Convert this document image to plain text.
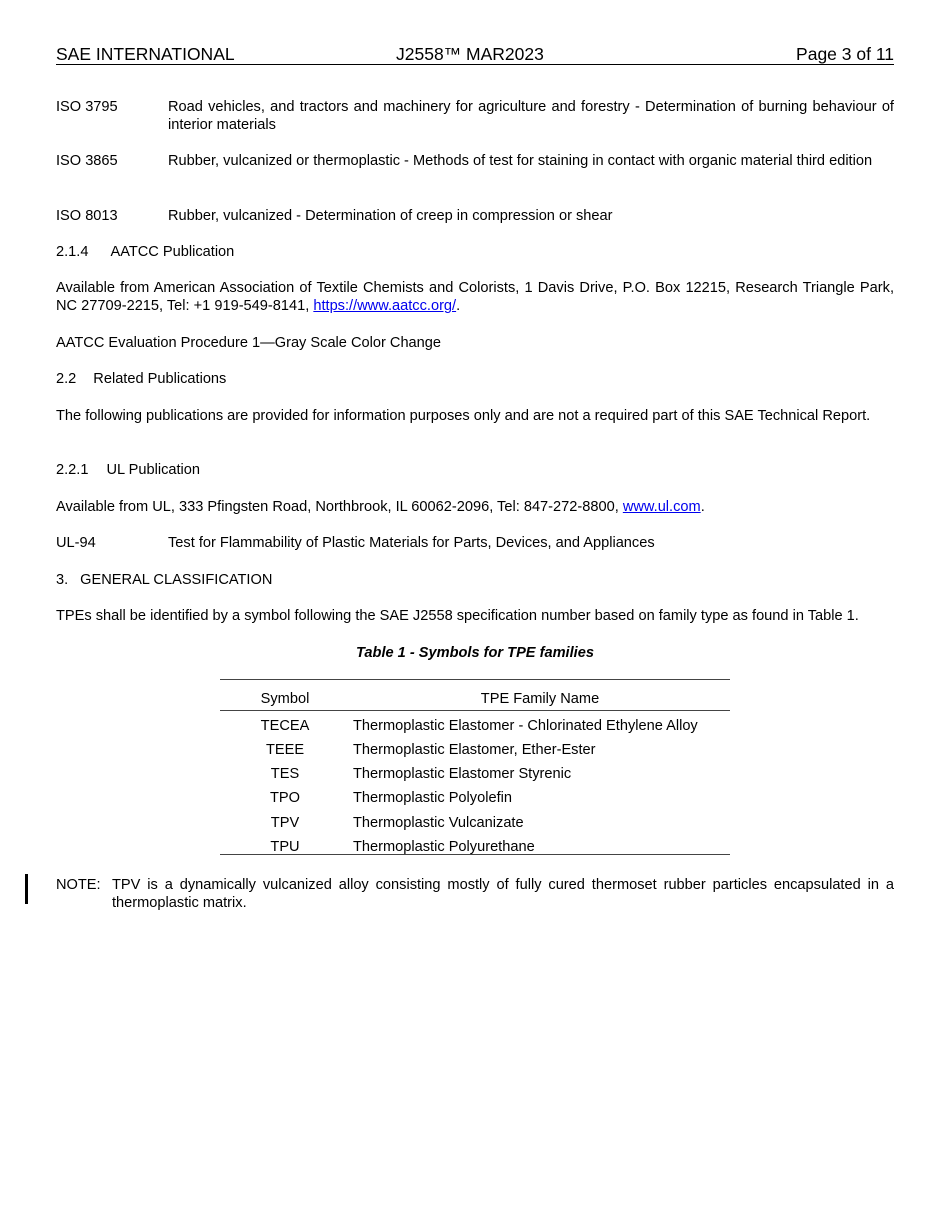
SAE INTERNATIONAL	J2558™ MAR2023	Page 3 of 11
ISO 3795	Road vehicles, and tractors and machinery for agriculture and forestry - Determination of burning behaviour of interior materials
ISO 3865	Rubber, vulcanized or thermoplastic - Methods of test for staining in contact with organic material third edition
ISO 8013	Rubber, vulcanized - Determination of creep in compression or shear
2.1.4 AATCC Publication
Available from American Association of Textile Chemists and Colorists, 1 Davis Drive, P.O. Box 12215, Research Triangle Park, NC 27709-2215, Tel: +1 919-549-8141, https://www.aatcc.org/.
AATCC Evaluation Procedure 1—Gray Scale Color Change
2.2 Related Publications
The following publications are provided for information purposes only and are not a required part of this SAE Technical Report.
2.2.1 UL Publication
Available from UL, 333 Pfingsten Road, Northbrook, IL 60062-2096, Tel: 847-272-8800, www.ul.com.
UL-94	Test for Flammability of Plastic Materials for Parts, Devices, and Appliances
3. GENERAL CLASSIFICATION
TPEs shall be identified by a symbol following the SAE J2558 specification number based on family type as found in Table 1.
Table 1 - Symbols for TPE families
Symbol	TPE Family Name
TECEA	Thermoplastic Elastomer - Chlorinated Ethylene Alloy
TEEE	Thermoplastic Elastomer, Ether-Ester
TES	Thermoplastic Elastomer Styrenic
TPO	Thermoplastic Polyolefin
TPV	Thermoplastic Vulcanizate
TPU	Thermoplastic Polyurethane
NOTE: TPV is a dynamically vulcanized alloy consisting mostly of fully cured thermoset rubber particles encapsulated in a thermoplastic matrix.
